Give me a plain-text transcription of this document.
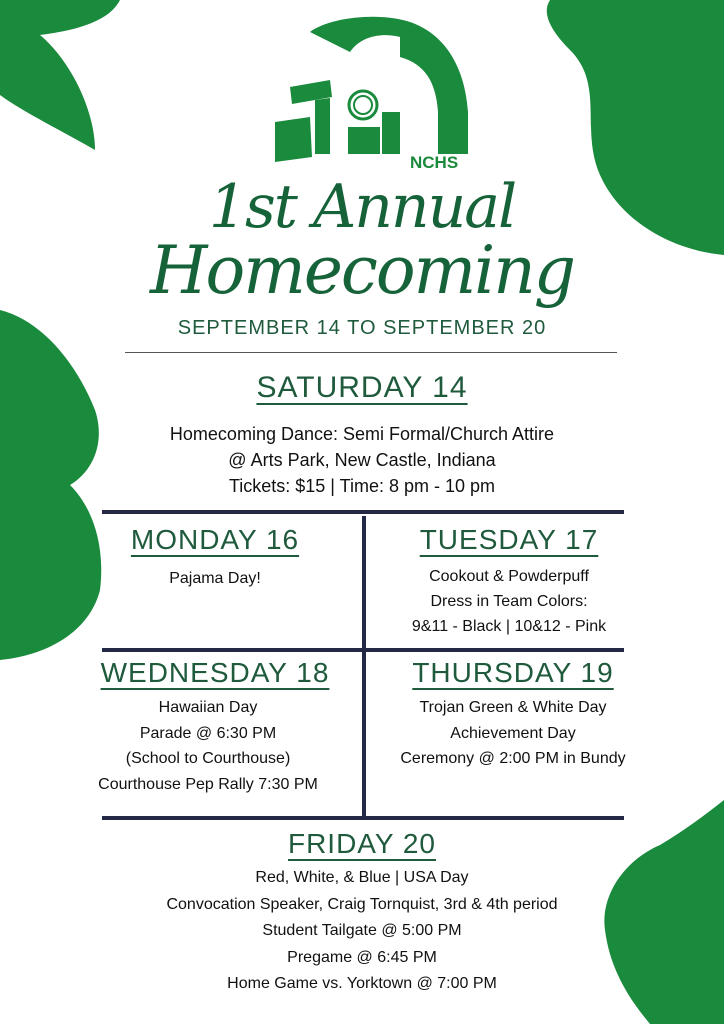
NCHS
1st Annual
Homecoming
SEPTEMBER 14 TO SEPTEMBER 20
SATURDAY 14
Homecoming Dance: Semi Formal/Church Attire
@ Arts Park, New Castle, Indiana
Tickets: $15 | Time: 8 pm - 10 pm
MONDAY 16
Pajama Day!
TUESDAY 17
Cookout & Powderpuff
Dress in Team Colors:
9&11 - Black | 10&12 - Pink
WEDNESDAY 18
Hawaiian Day
Parade @ 6:30 PM
(School to Courthouse)
Courthouse Pep Rally 7:30 PM
THURSDAY 19
Trojan Green & White Day
Achievement Day
Ceremony @ 2:00 PM in Bundy
FRIDAY 20
Red, White, & Blue | USA Day
Convocation Speaker, Craig Tornquist, 3rd & 4th period
Student Tailgate @ 5:00 PM
Pregame @ 6:45 PM
Home Game vs. Yorktown @ 7:00 PM
